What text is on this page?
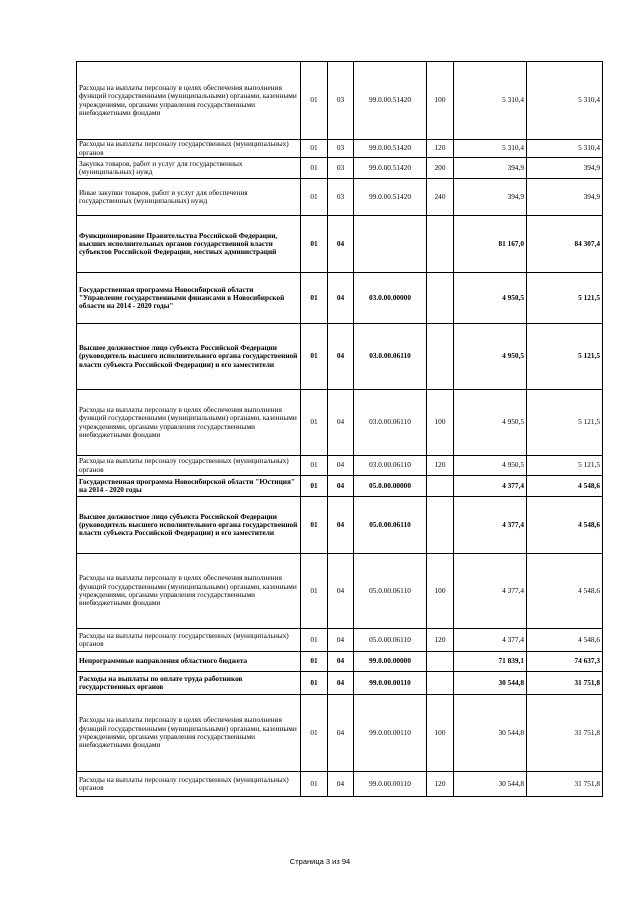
Расходы на выплаты персоналу в целях обеспечения выполнения функций государственными (муниципальными) органами, казенными учреждениями, органами управления государственными внебюджетными фондами	01	03	99.0.00.51420	100	5 310,4	5 310,4
Расходы на выплаты персоналу государственных (муниципальных) органов	01	03	99.0.00.51420	120	5 310,4	5 310,4
Закупка товаров, работ и услуг для государственных (муниципальных) нужд	01	03	99.0.00.51420	200	394,9	394,9
Иные закупки товаров, работ и услуг для обеспечения государственных (муниципальных) нужд	01	03	99.0.00.51420	240	394,9	394,9
Функционирование Правительства Российской Федерации, высших исполнительных органов государственной власти субъектов Российской Федерации, местных администраций	01	04			81 167,0	84 307,4
Государственная программа Новосибирской области "Управление государственными финансами в Новосибирской области на 2014 - 2020 годы"	01	04	03.0.00.00000		4 950,5	5 121,5
Высшее должностное лицо субъекта Российской Федерации (руководитель высшего исполнительного органа государственной власти субъекта Российской Федерации) и его заместители	01	04	03.0.00.06110		4 950,5	5 121,5
Расходы на выплаты персоналу в целях обеспечения выполнения функций государственными (муниципальными) органами, казенными учреждениями, органами управления государственными внебюджетными фондами	01	04	03.0.00.06110	100	4 950,5	5 121,5
Расходы на выплаты персоналу государственных (муниципальных) органов	01	04	03.0.00.06110	120	4 950,5	5 121,5
Государственная программа Новосибирской области "Юстиция" на 2014 - 2020 годы	01	04	05.0.00.00000		4 377,4	4 548,6
Высшее должностное лицо субъекта Российской Федерации (руководитель высшего исполнительного органа государственной власти субъекта Российской Федерации) и его заместители	01	04	05.0.00.06110		4 377,4	4 548,6
Расходы на выплаты персоналу в целях обеспечения выполнения функций государственными (муниципальными) органами, казенными учреждениями, органами управления государственными внебюджетными фондами	01	04	05.0.00.06110	100	4 377,4	4 548,6
Расходы на выплаты персоналу государственных (муниципальных) органов	01	04	05.0.00.06110	120	4 377,4	4 548,6
Непрограммные направления областного бюджета	01	04	99.0.00.00000		71 839,1	74 637,3
Расходы на выплаты по оплате труда работников государственных органов	01	04	99.0.00.00110		30 544,8	31 751,8
Расходы на выплаты персоналу в целях обеспечения выполнения функций государственными (муниципальными) органами, казенными учреждениями, органами управления государственными внебюджетными фондами	01	04	99.0.00.00110	100	30 544,8	31 751,8
Расходы на выплаты персоналу государственных (муниципальных) органов	01	04	99.0.00.00110	120	30 544,8	31 751,8
Страница 3 из 94
